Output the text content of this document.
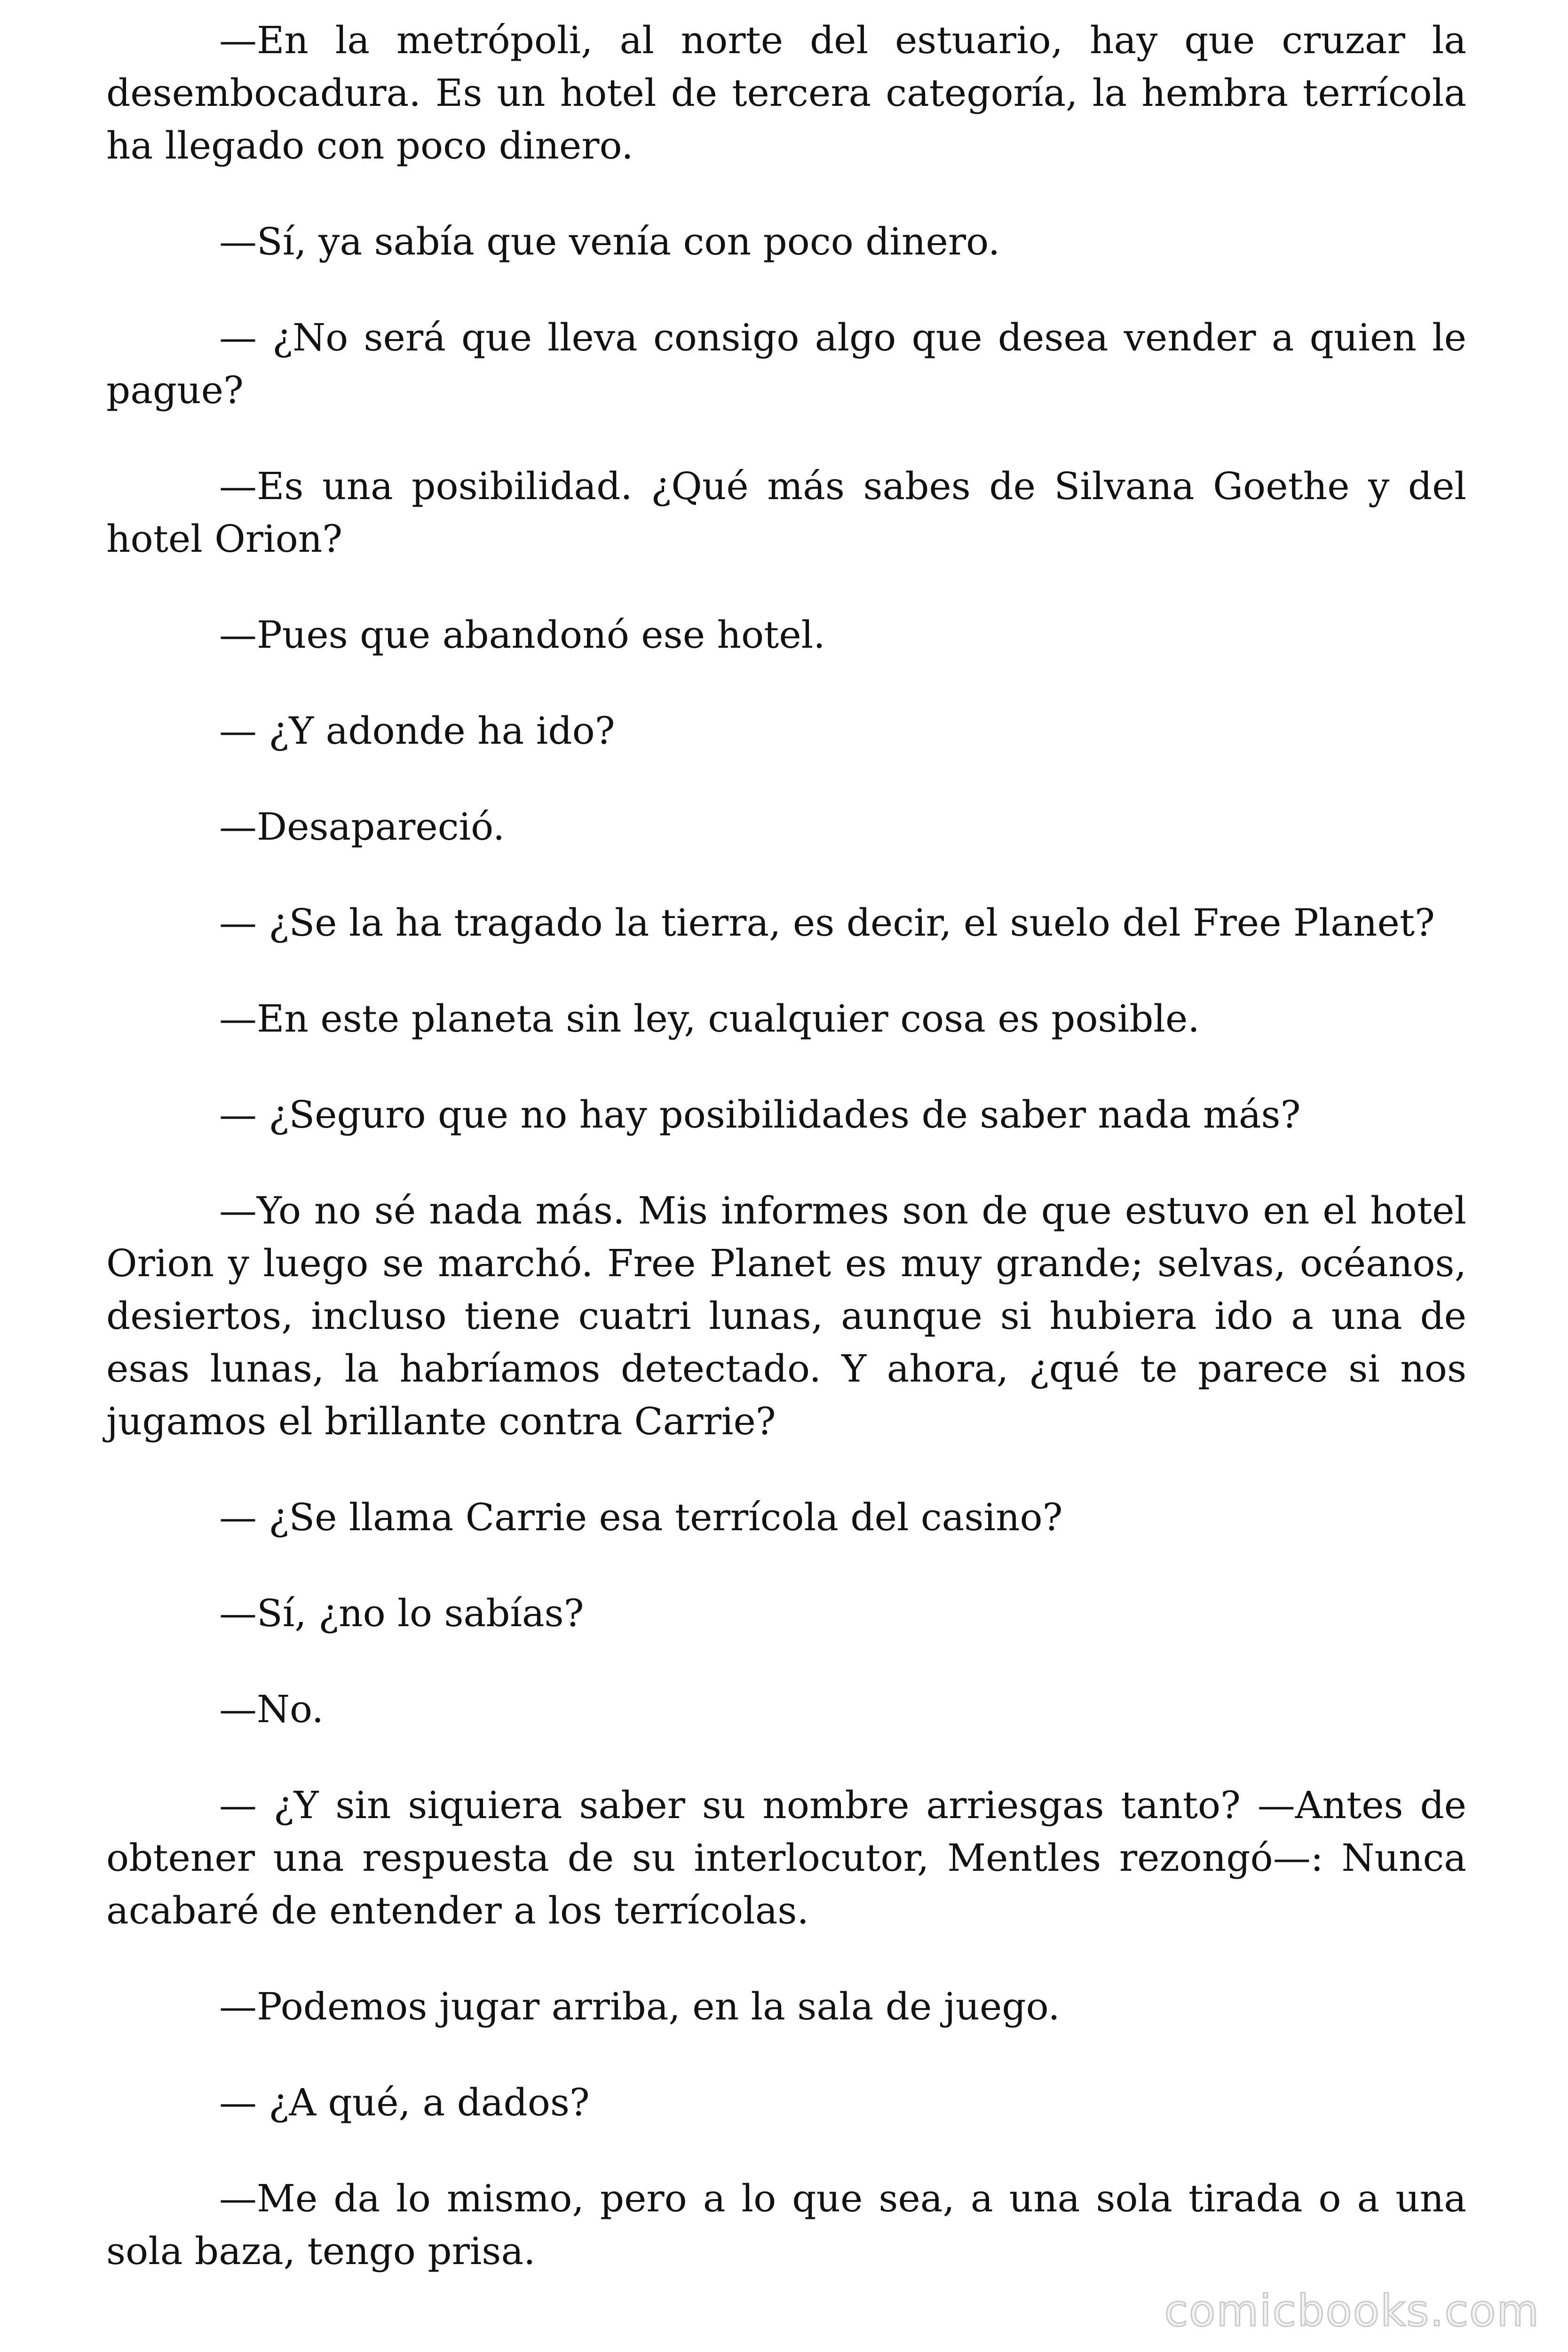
—En la metrópoli, al norte del estuario, hay que cruzar la desembocadura. Es un hotel de tercera categoría, la hembra terrícola ha llegado con poco dinero.

—Sí, ya sabía que venía con poco dinero.

— ¿No será que lleva consigo algo que desea vender a quien le pague?

—Es una posibilidad. ¿Qué más sabes de Silvana Goethe y del hotel Orion?

—Pues que abandonó ese hotel.

— ¿Y adonde ha ido?

—Desapareció.

— ¿Se la ha tragado la tierra, es decir, el suelo del Free Planet?

—En este planeta sin ley, cualquier cosa es posible.

— ¿Seguro que no hay posibilidades de saber nada más?

—Yo no sé nada más. Mis informes son de que estuvo en el hotel Orion y luego se marchó. Free Planet es muy grande; selvas, océanos, desiertos, incluso tiene cuatri lunas, aunque si hubiera ido a una de esas lunas, la habríamos detectado. Y ahora, ¿qué te parece si nos jugamos el brillante contra Carrie?

— ¿Se llama Carrie esa terrícola del casino?

—Sí, ¿no lo sabías?

—No.

— ¿Y sin siquiera saber su nombre arriesgas tanto? —Antes de obtener una respuesta de su interlocutor, Mentles rezongó—: Nunca acabaré de entender a los terrícolas.

—Podemos jugar arriba, en la sala de juego.

— ¿A qué, a dados?

—Me da lo mismo, pero a lo que sea, a una sola tirada o a una sola baza, tengo prisa.

comicbooks.com
